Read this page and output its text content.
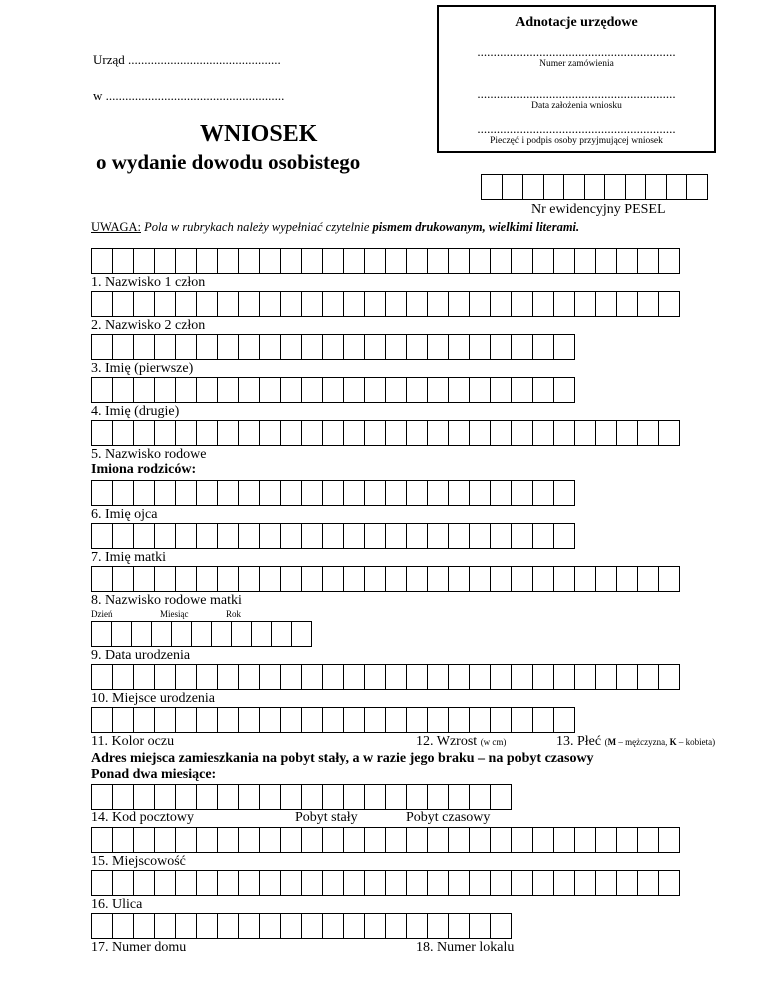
Adnotacje urzędowe
.............................................................
Numer zamówienia
.............................................................
Data założenia wniosku
.............................................................
Pieczęć i podpis osoby przyjmującej wniosek
Urząd ...............................................
w .......................................................
WNIOSEK
o wydanie dowodu osobistego
Nr ewidencyjny PESEL
UWAGA: Pola w rubrykach należy wypełniać czytelnie pismem drukowanym, wielkimi literami.
1. Nazwisko 1 człon
2. Nazwisko 2 człon
3. Imię (pierwsze)
4. Imię (drugie)
5. Nazwisko rodowe
Imiona rodziców:
6. Imię ojca
7. Imię matki
8. Nazwisko rodowe matki
Dzień	Miesiąc	Rok
9. Data urodzenia
10. Miejsce urodzenia
11. Kolor oczu	12. Wzrost (w cm)	13. Płeć (M – mężczyzna, K – kobieta)
Adres miejsca zamieszkania na pobyt stały, a w razie jego braku – na pobyt czasowy
Ponad dwa miesiące:
14. Kod pocztowy	Pobyt stały	Pobyt czasowy
15. Miejscowość
16. Ulica
17. Numer domu	18. Numer lokalu
